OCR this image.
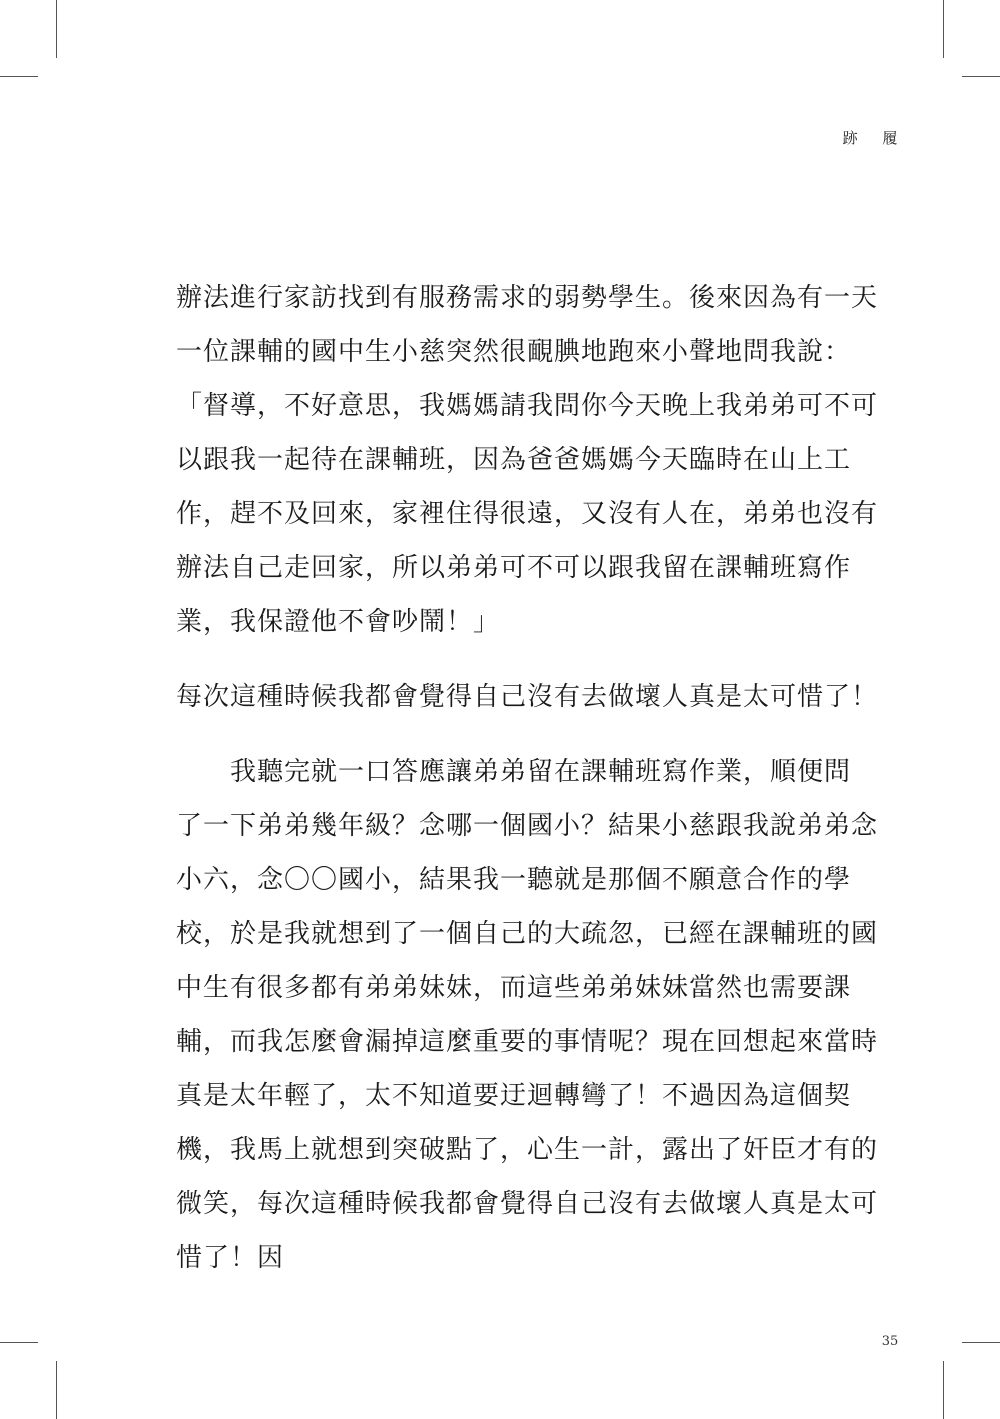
跡 履
辦法進行家訪找到有服務需求的弱勢學生。後來因為有一天
一位課輔的國中生小慈突然很靦腆地跑來小聲地問我說：
「督導，不好意思，我媽媽請我問你今天晚上我弟弟可不可
以跟我一起待在課輔班，因為爸爸媽媽今天臨時在山上工
作，趕不及回來，家裡住得很遠，又沒有人在，弟弟也沒有
辦法自己走回家，所以弟弟可不可以跟我留在課輔班寫作
業，我保證他不會吵鬧！」
每次這種時候我都會覺得自己沒有去做壞人真是太可惜了！
　　我聽完就一口答應讓弟弟留在課輔班寫作業，順便問
了一下弟弟幾年級？念哪一個國小？結果小慈跟我說弟弟念
小六，念〇〇國小，結果我一聽就是那個不願意合作的學
校，於是我就想到了一個自己的大疏忽，已經在課輔班的國
中生有很多都有弟弟妹妹，而這些弟弟妹妹當然也需要課
輔，而我怎麼會漏掉這麼重要的事情呢？現在回想起來當時
真是太年輕了，太不知道要迂迴轉彎了！不過因為這個契
機，我馬上就想到突破點了，心生一計，露出了奸臣才有的
微笑，每次這種時候我都會覺得自己沒有去做壞人真是太可
惜了！因
35
